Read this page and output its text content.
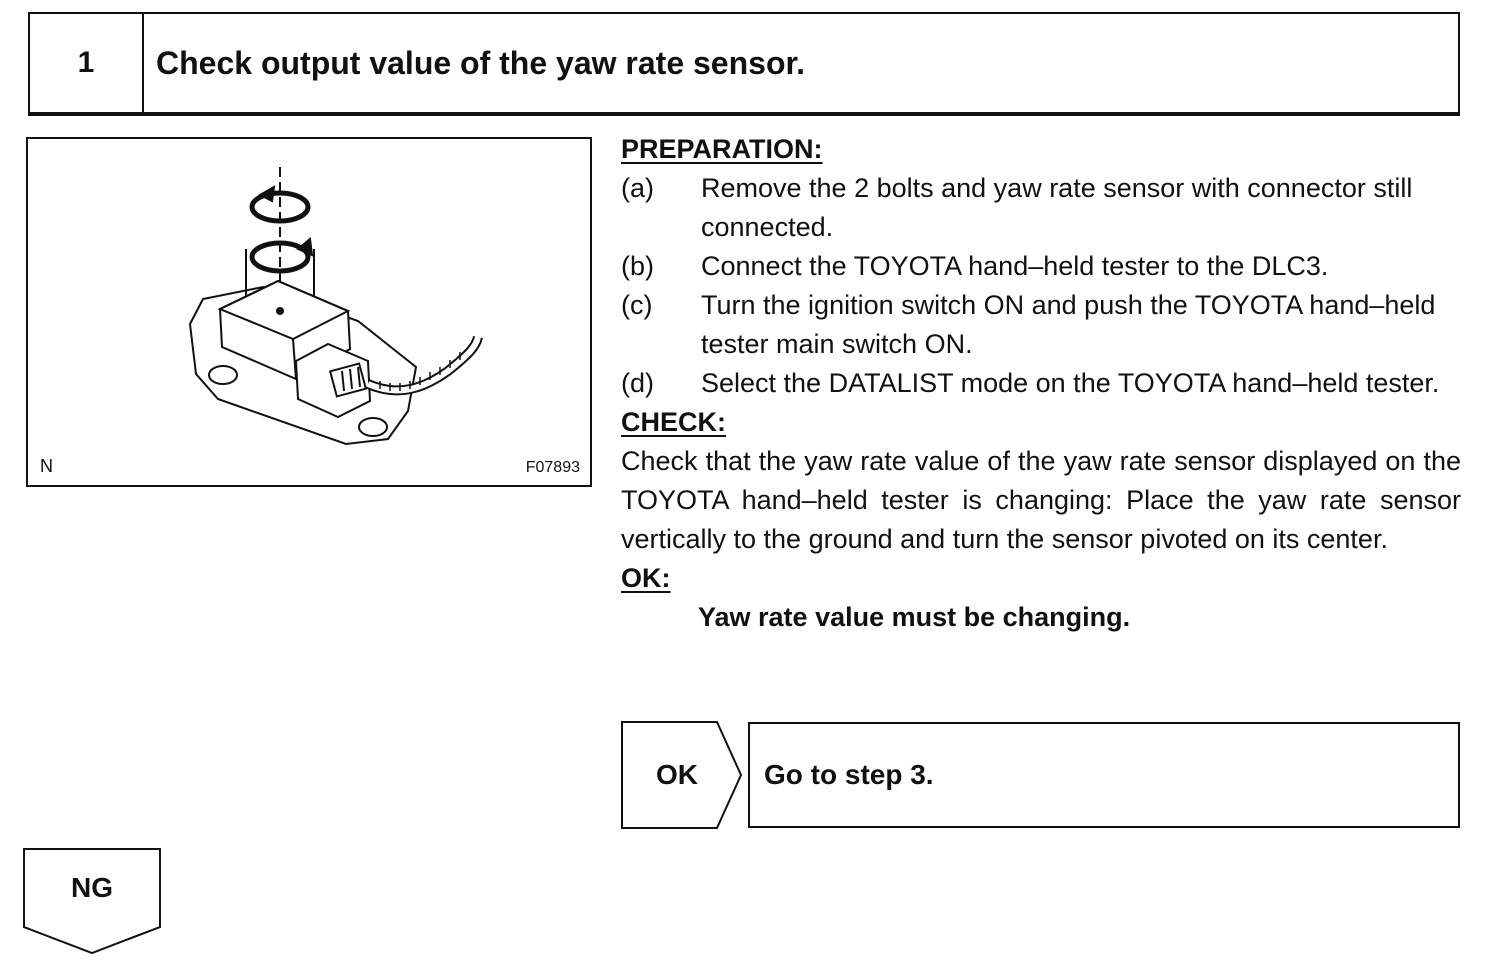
1	Check output value of the yaw rate sensor.
N	F07893
PREPARATION:
(a)	Remove the 2 bolts and yaw rate sensor with connector still connected.
(b)	Connect the TOYOTA hand–held tester to the DLC3.
(c)	Turn the ignition switch ON and push the TOYOTA hand–held tester main switch ON.
(d)	Select the DATALIST mode on the TOYOTA hand–held tester.
CHECK:
Check that the yaw rate value of the yaw rate sensor displayed on the TOYOTA hand–held tester is changing: Place the yaw rate sensor vertically to the ground and turn the sensor pivoted on its center.
OK:
Yaw rate value must be changing.
OK	Go to step 3.
NG
